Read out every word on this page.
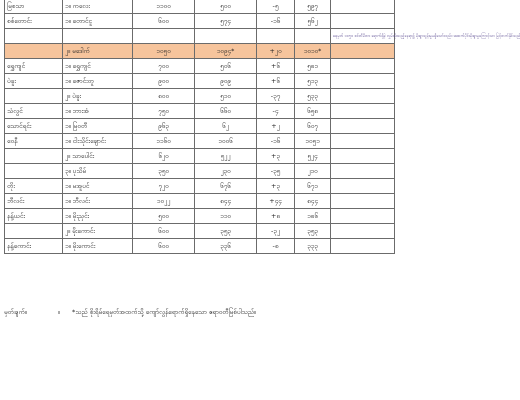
မြစသာ	၁။ ကလေး	၁၁၀၀	၅၀၀	-၅	၅၉၇	
စစ်တောင်း	၁။ တောင်ငူ	၆၀၀	၅၇၄	-၁၆	၅၆၂	
						ရေမှတ် ၁၀၅၀ စင်တီမီတာ ရောက်ရှိခဲ့ လွှမ်းမိုးသည့်နေရာ၌ မိုးရွာသွန်းမှုမရှိသော်လည်း အထက်ပိုင်းမိုးရွာမှုကြောင့်သာ မြင့်တက်နိုင်သည်
	၂။ မဒေါက်	၁၀၅၀	၁၀၉၄*	+၂၀	၁၀၁၀*	
ရွှေကျင်	၁။ ရွှေကျင်	၇၀၀	၅၀၆	+၆	၅၈၁	
ပဲခူး	၁။ ဇောင်းတူ	၉၀၀	၉၀၉	+၆	၅၁၃	
	၂။ ပဲခူး	၈၀၀	၅၁၀	-၃၇	၅၃၃	
သံလွင်	၁။ ဘားအံ	၇၅၀	၆၆၀	-၄	၆၅၈	
သောင်ရင်း	၁။ မြဝတီ	၉၆၃	၆၂	+၂	၆၀၇	
ဝေနီ	၁။ ငါးသိုင်းချောင်း	၁၁၆၀	၁၀၀၆	-၁၆	၁၀၅၁	
	၂။ သာပေါင်း	၆၂၀	၅၂၂	+၃	၅၂၄	
	၃။ ပုသိမ်	၃၅၀	၂၃၀	-၃၅	၂၁၀	
တိုး	၁။ မအူပင်	၇၂၀	၆၇၆	+၃	၆၇၁	
ဘီလင်း	၁။ ဘီလင်း	၁၀၂၂	၈၄၄	+၄၄	၈၄၄	
နန့်ယင်း	၁။ မိုးညှင်း	၅၀၀	၁၁၀	+၈	၁၈၆	
	၂။ မိုးကောင်း	၆၀၀	၃၅၃	-၃၂	၃၅၃	
နန့်ကောင်း	၁။ မိုးကောင်း	၆၀၀	၃၃၆	-၈	၃၃၃	
မှတ်ချက်။	။	*သည် စိုးရိမ်ရေမှတ်အထက်သို့ ကျော်လွန်ရောက်ရှိနေသော ဧရာဝတီမြစ်ပါသည်။
